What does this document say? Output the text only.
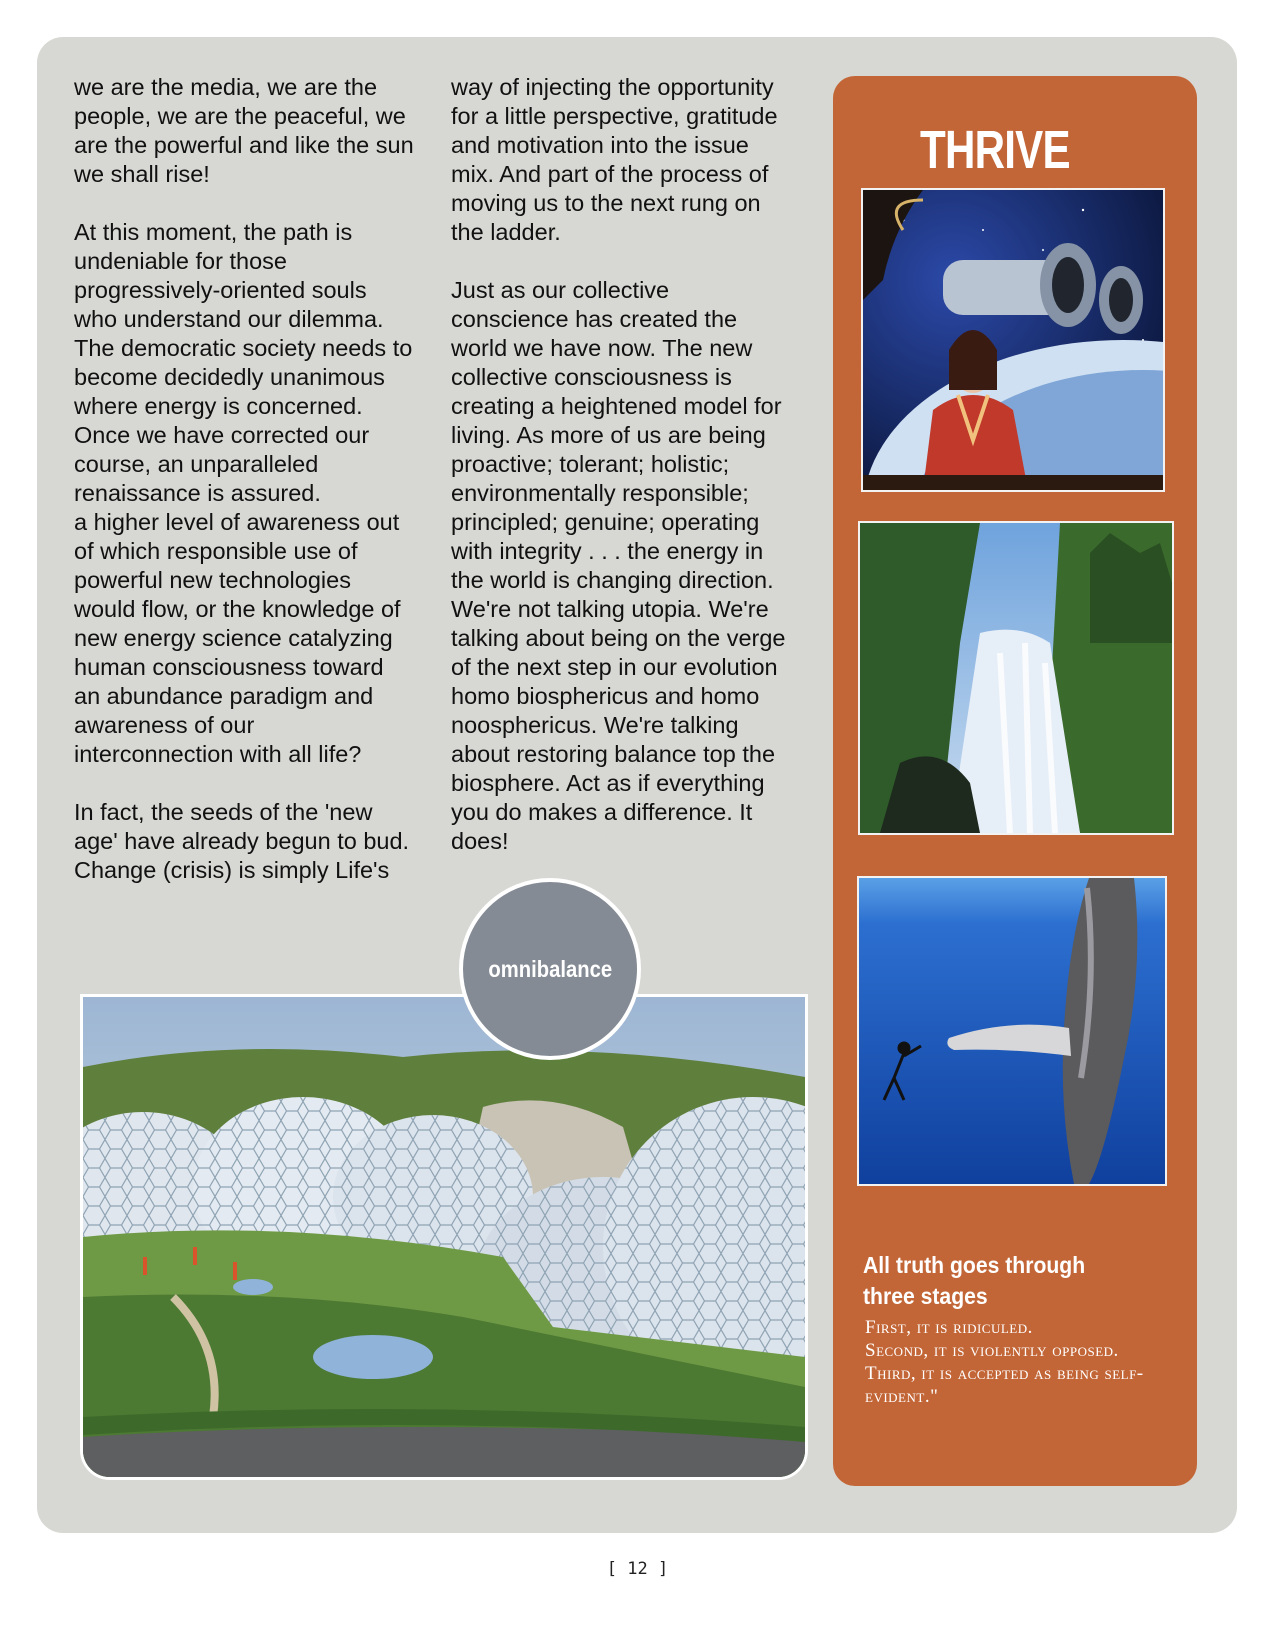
we are the media, we are the
people, we are the peaceful, we
are the powerful and like the sun
we shall rise!

At this moment, the path is
undeniable for those
progressively-oriented souls
who understand our dilemma.
The democratic society needs to
become decidedly unanimous
where energy is concerned.
Once we have corrected our
course, an unparalleled
renaissance is assured.
a higher level of awareness out
of which responsible use of
powerful new technologies
would flow, or the knowledge of
new energy science catalyzing
human consciousness toward
an abundance paradigm and
awareness of our
interconnection with all life?

In fact, the seeds of the 'new
age' have already begun to bud.
Change (crisis) is simply Life's
way of injecting the opportunity
for a little perspective, gratitude
and motivation into the issue
mix. And part of the process of
moving us to the next rung on
the ladder.

Just as our collective
conscience has created the
world we have now. The new
collective consciousness is
creating a heightened model for
living. As more of us are being
proactive; tolerant; holistic;
environmentally responsible;
principled; genuine; operating
with integrity . . . the energy in
the world is changing direction.
We're not talking utopia. We're
talking about being on the verge
of the next step in our evolution
homo biosphericus and homo
noosphericus. We're talking
about restoring balance top the
biosphere. Act as if everything
you do makes a difference. It
does!
THRIVE
All truth goes through three stages
First, it is ridiculed.
Second, it is violently opposed.
Third, it is accepted as being self-evident."
omnibalance
[ 12 ]
